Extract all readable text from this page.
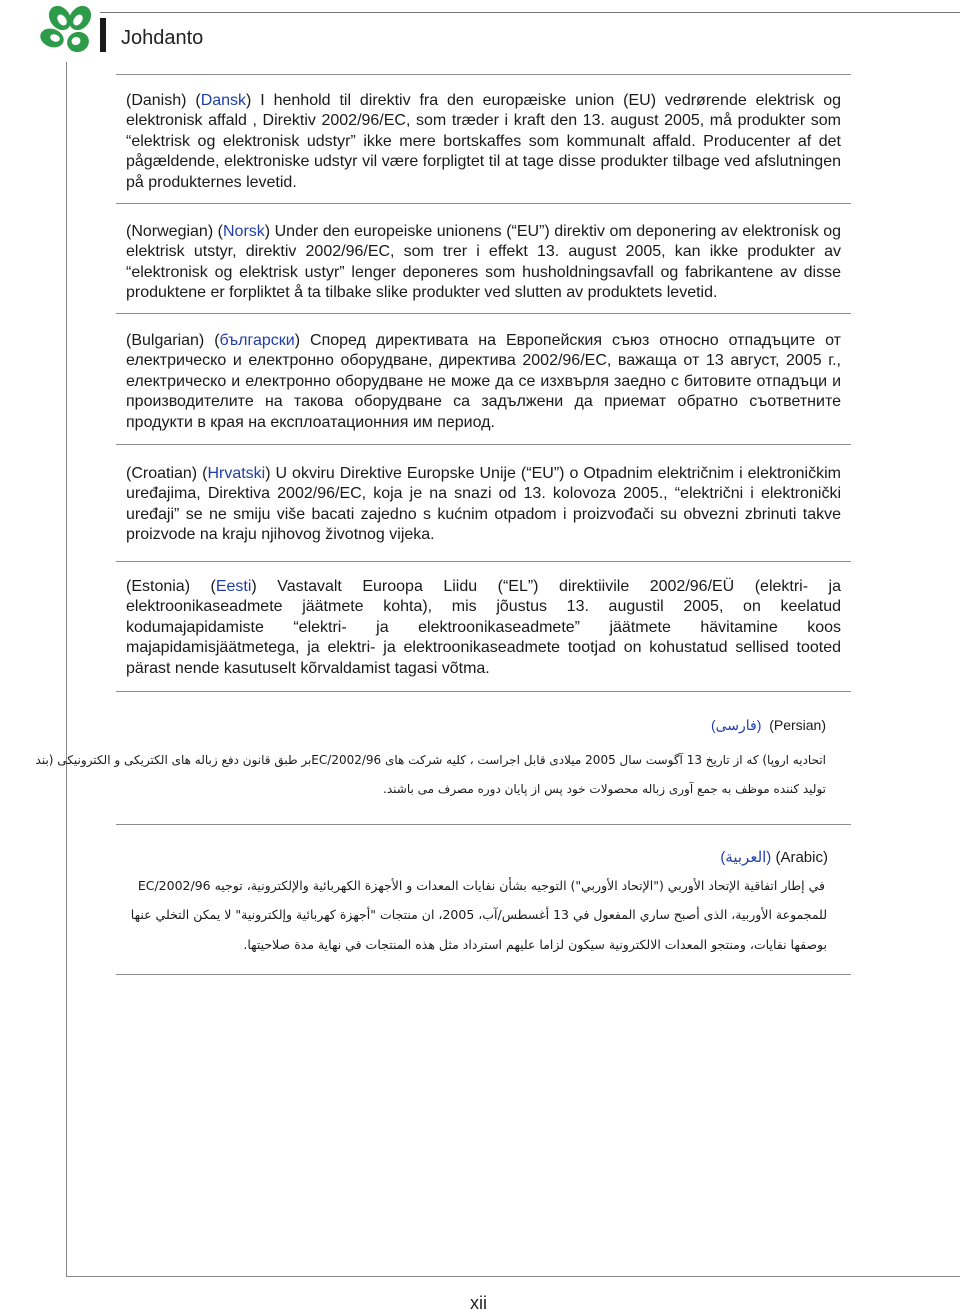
Johdanto
(Danish) (Dansk) I henhold til direktiv fra den europæiske union (EU) vedrørende elektrisk og elektronisk affald , Direktiv 2002/96/EC, som træder i kraft den 13. august 2005, må produkter som “elektrisk og elektronisk udstyr” ikke mere bortskaffes som kommunalt affald. Producenter af det pågældende, elektroniske udstyr vil være forpligtet til at tage disse produkter tilbage ved afslutningen på produkternes levetid.
(Norwegian) (Norsk) Under den europeiske unionens (“EU”) direktiv om deponering av elektronisk og elektrisk utstyr, direktiv 2002/96/EC, som trer i effekt 13. august 2005, kan ikke produkter av “elektronisk og elektrisk ustyr” lenger deponeres som husholdningsavfall og fabrikantene av disse produktene er forpliktet å ta tilbake slike produkter ved slutten av produktets levetid.
(Bulgarian) (български) Според директивата на Европейския съюз относно отпадъците от електрическо и електронно оборудване, директива 2002/96/EC, важаща от 13 август, 2005 г., електрическо и електронно оборудване не може да се изхвърля заедно с битовите отпадъци и производителите на такова оборудване са задължени да приемат обратно съответните продукти в края на експлоатационния им период.
(Croatian) (Hrvatski) U okviru Direktive Europske Unije (“EU”) o Otpadnim električnim i elektroničkim uređajima, Direktiva 2002/96/EC, koja je na snazi od 13. kolovoza 2005., “električni i elektronički uređaji” se ne smiju više bacati zajedno s kućnim otpadom i proizvođači su obvezni zbrinuti takve proizvode na kraju njihovog životnog vijeka.
(Estonia) (Eesti) Vastavalt Euroopa Liidu (“EL”) direktiivile 2002/96/EÜ (elektri- ja elektroonikaseadmete jäätmete kohta), mis jõustus 13. augustil 2005, on keelatud kodumajapidamiste “elektri- ja elektroonikaseadmete” jäätmete hävitamine koos majapidamisjäätmetega, ja elektri- ja elektroonikaseadmete tootjad on kohustatud sellised tooted pärast nende kasutuselt kõrvaldamist tagasi võtma.
(Persian)  (فارسی)
اتحادیه اروپا) که از تاریخ 13 آگوست سال 2005 میلادی قابل اجراست ، کلیه شرکت های 2002/96/ECبر طبق قانون دفع زباله های الکتریکی و الکترونیکی (بند
تولید کننده موظف به جمع آوری زباله محصولات خود پس از پایان دوره مصرف می باشند.
(Arabic) (العربية)
في إطار اتفاقية الإتحاد الأوربي ("الإتحاد الأوربي") التوجيه بشأن نفايات المعدات و الأجهزة الكهربائية والإلكترونية، توجيه 2002/96/EC
للمجموعة الأوربية، الذى أصبح ساري المفعول في 13 أغسطس/آب، 2005، ان منتجات "أجهزة كهربائية وإلكترونية" لا يمكن التخلي عنها
بوصفها نفايات، ومنتجو المعدات الالكترونية سيكون لزاما عليهم استرداد مثل هذه المنتجات في نهاية مدة صلاحيتها.
xii
